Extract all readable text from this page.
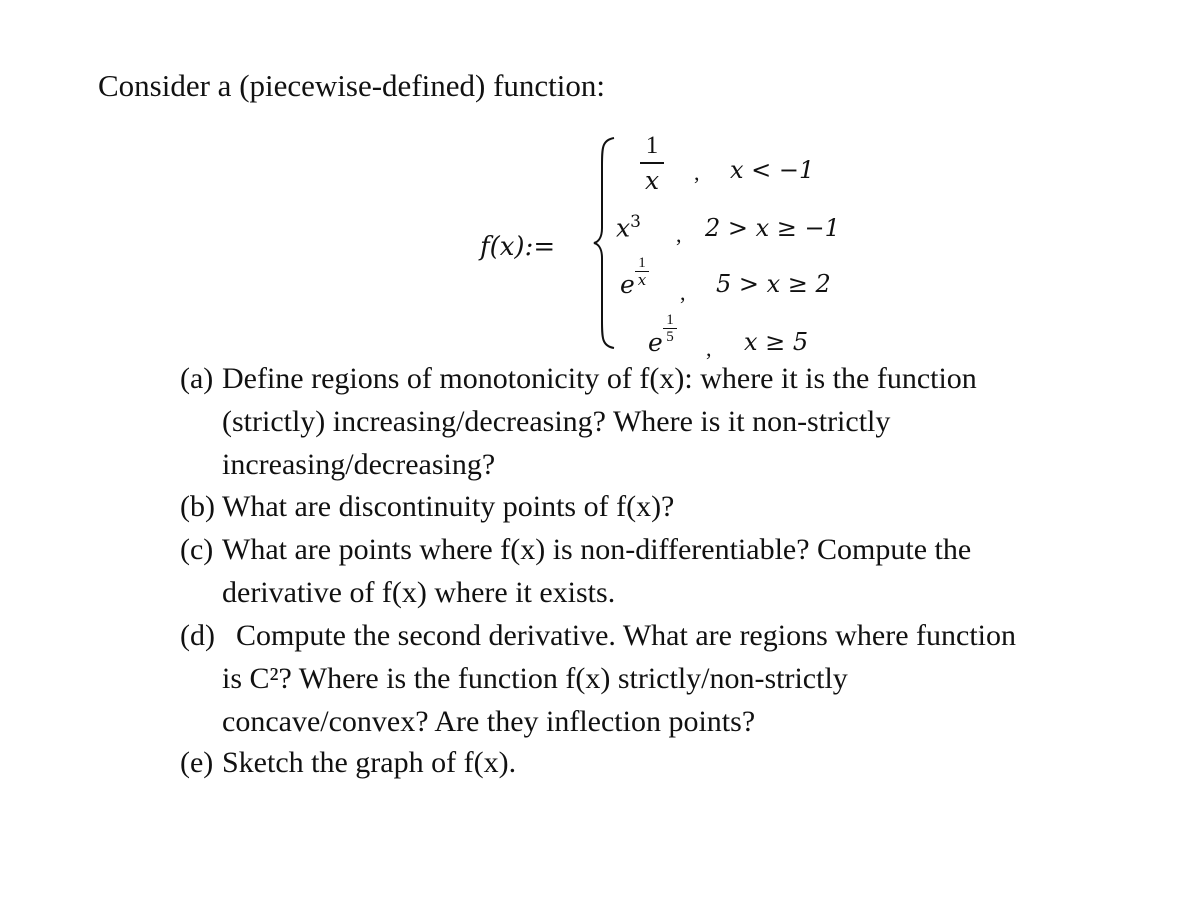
Consider a (piecewise-defined) function:
f(x):=
1
x , x < −1
$x^3$ , 2 > x ≥ −1
e
1
x , 5 > x ≥ 2
e
1
5 , x ≥ 5
(a) Define regions of monotonicity of f(x): where it is the function
(strictly) increasing/decreasing? Where is it non-strictly
increasing/decreasing?
(b) What are discontinuity points of f(x)?
(c) What are points where f(x) is non-differentiable? Compute the
derivative of f(x) where it exists.
(d) Compute the second derivative. What are regions where function
is C²? Where is the function f(x) strictly/non-strictly
concave/convex? Are they inflection points?
(e) Sketch the graph of f(x).
